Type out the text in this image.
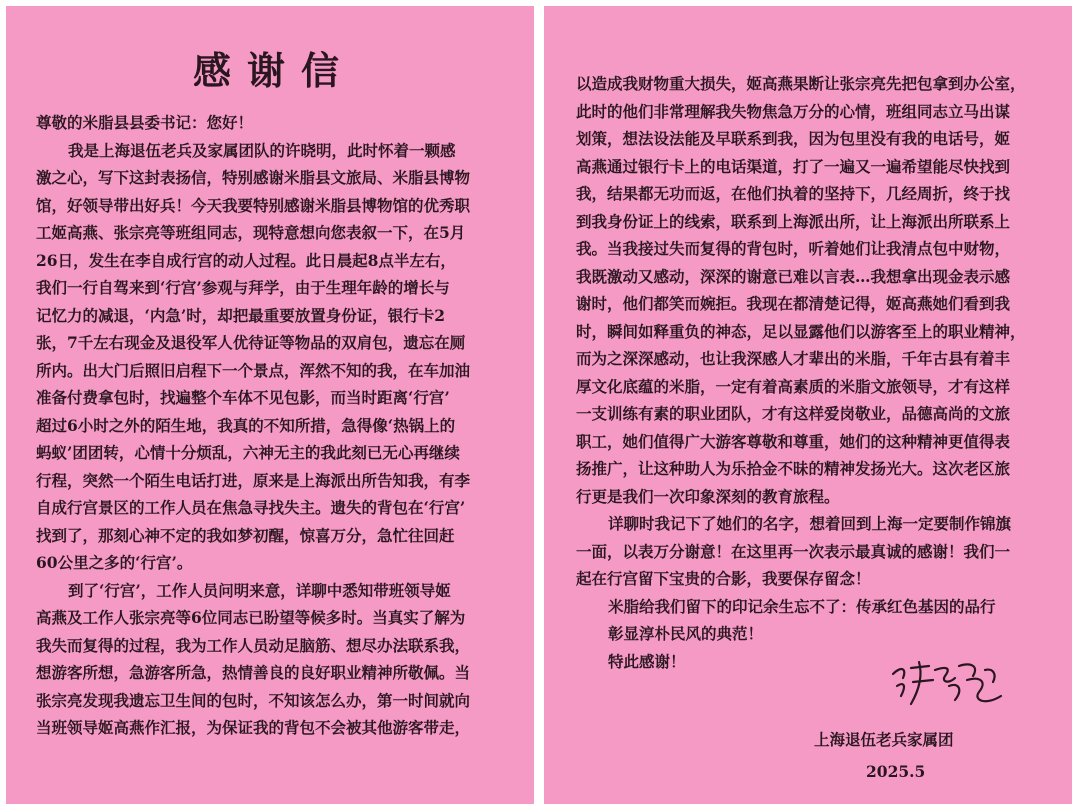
感谢信
尊敬的米脂县县委书记：您好！
我是上海退伍老兵及家属团队的许晓明，此时怀着一颗感
激之心，写下这封表扬信，特别感谢米脂县文旅局、米脂县博物
馆，好领导带出好兵！今天我要特别感谢米脂县博物馆的优秀职
工姬高燕、张宗亮等班组同志，现特意想向您表叙一下，在5月
26日，发生在李自成行宫的动人过程。此日晨起8点半左右，
我们一行自驾来到‘行宫’参观与拜学，由于生理年龄的增长与
记忆力的减退，‘内急’时，却把最重要放置身份证，银行卡2
张，7千左右现金及退役军人优待证等物品的双肩包，遗忘在厕
所内。出大门后照旧启程下一个景点，浑然不知的我，在车加油
准备付费拿包时，找遍整个车体不见包影，而当时距离‘行宫’
超过6小时之外的陌生地，我真的不知所措，急得像‘热锅上的
蚂蚁’团团转，心情十分烦乱，六神无主的我此刻已无心再继续
行程，突然一个陌生电话打进，原来是上海派出所告知我，有李
自成行宫景区的工作人员在焦急寻找失主。遗失的背包在‘行宫’
找到了，那刻心神不定的我如梦初醒，惊喜万分，急忙往回赶
60公里之多的‘行宫’。
到了‘行宫’，工作人员问明来意，详聊中悉知带班领导姬
高燕及工作人张宗亮等6位同志已盼望等候多时。当真实了解为
我失而复得的过程，我为工作人员动足脑筋、想尽办法联系我，
想游客所想，急游客所急，热情善良的良好职业精神所敬佩。当
张宗亮发现我遗忘卫生间的包时，不知该怎么办，第一时间就向
当班领导姬高燕作汇报，为保证我的背包不会被其他游客带走，
以造成我财物重大损失，姬高燕果断让张宗亮先把包拿到办公室，
此时的他们非常理解我失物焦急万分的心情，班组同志立马出谋
划策，想法设法能及早联系到我，因为包里没有我的电话号，姬
高燕通过银行卡上的电话渠道，打了一遍又一遍希望能尽快找到
我，结果都无功而返，在他们执着的坚持下，几经周折，终于找
到我身份证上的线索，联系到上海派出所，让上海派出所联系上
我。当我接过失而复得的背包时，听着她们让我清点包中财物，
我既激动又感动，深深的谢意已难以言表…我想拿出现金表示感
谢时，他们都笑而婉拒。我现在都清楚记得，姬高燕她们看到我
时，瞬间如释重负的神态，足以显露他们以游客至上的职业精神，
而为之深深感动，也让我深感人才辈出的米脂，千年古县有着丰
厚文化底蕴的米脂，一定有着高素质的米脂文旅领导，才有这样
一支训练有素的职业团队，才有这样爱岗敬业，品德高尚的文旅
职工，她们值得广大游客尊敬和尊重，她们的这种精神更值得表
扬推广，让这种助人为乐拾金不昧的精神发扬光大。这次老区旅
行更是我们一次印象深刻的教育旅程。
详聊时我记下了她们的名字，想着回到上海一定要制作锦旗
一面，以表万分谢意！在这里再一次表示最真诚的感谢！我们一
起在行宫留下宝贵的合影，我要保存留念！
米脂给我们留下的印记余生忘不了：传承红色基因的品行
彰显淳朴民风的典范！
特此感谢！
上海退伍老兵家属团
2025.5
